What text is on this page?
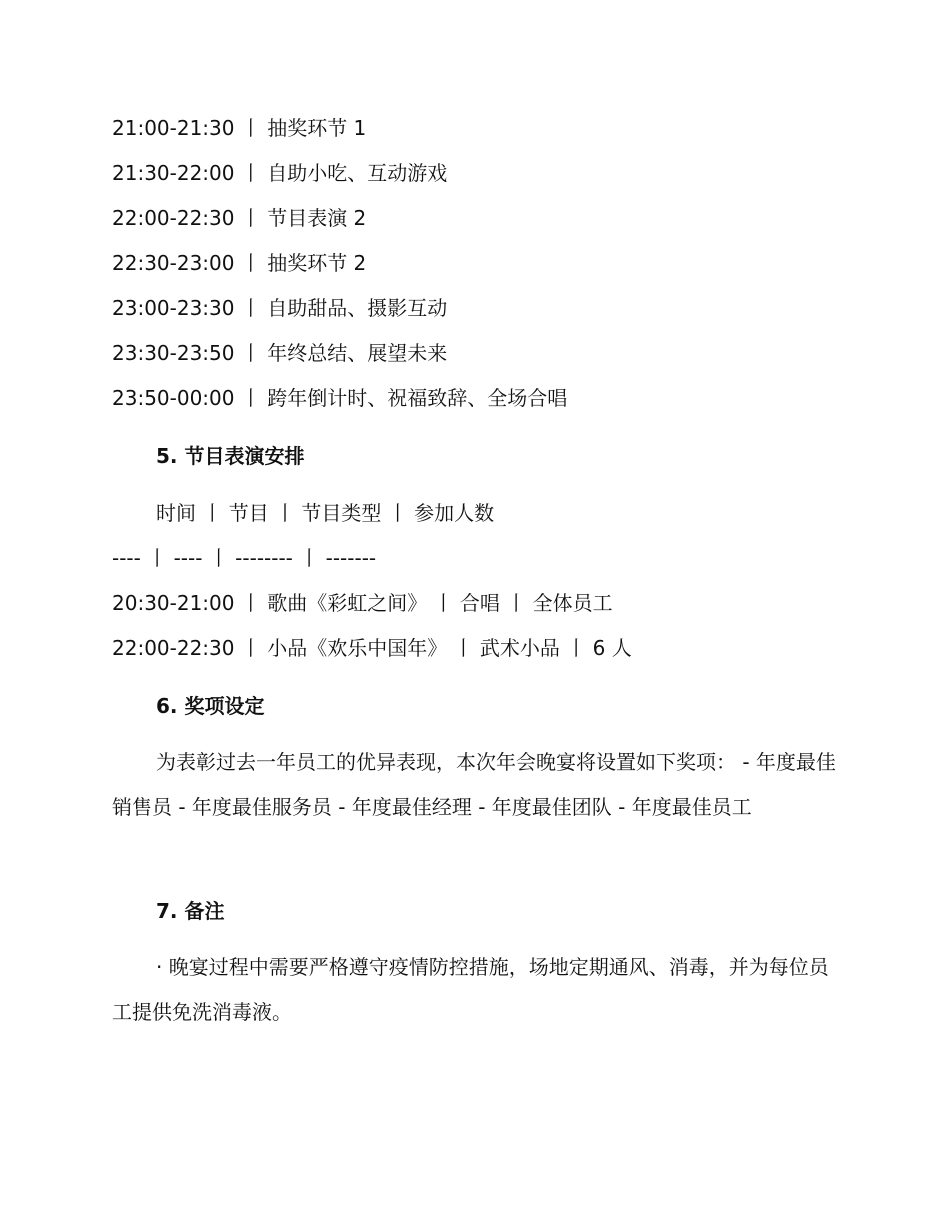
21:00-21:30 丨 抽奖环节 1
21:30-22:00 丨 自助小吃、互动游戏
22:00-22:30 丨 节目表演 2
22:30-23:00 丨 抽奖环节 2
23:00-23:30 丨 自助甜品、摄影互动
23:30-23:50 丨 年终总结、展望未来
23:50-00:00 丨 跨年倒计时、祝福致辞、全场合唱
5. 节目表演安排
时间 丨 节目 丨 节目类型 丨 参加人数
---- 丨 ---- 丨 -------- 丨 -------
20:30-21:00 丨 歌曲《彩虹之间》 丨 合唱 丨 全体员工
22:00-22:30 丨 小品《欢乐中国年》 丨 武术小品 丨 6 人
6. 奖项设定
为表彰过去一年员工的优异表现，本次年会晚宴将设置如下奖项： - 年度最佳销售员 - 年度最佳服务员 - 年度最佳经理 - 年度最佳团队 - 年度最佳员工
7. 备注
· 晚宴过程中需要严格遵守疫情防控措施，场地定期通风、消毒，并为每位员工提供免洗消毒液。
